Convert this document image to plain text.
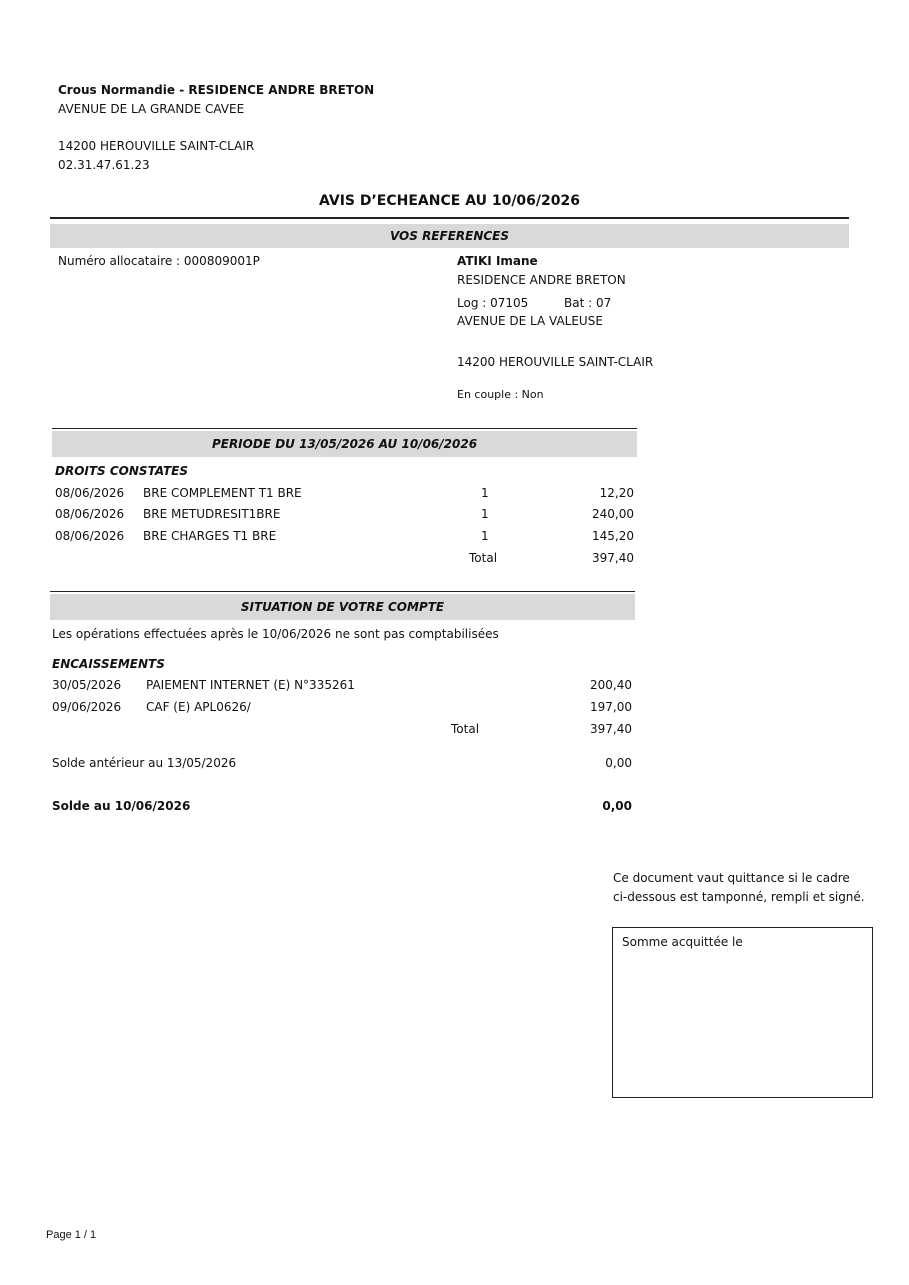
Crous Normandie - RESIDENCE ANDRE BRETON
AVENUE DE LA GRANDE CAVEE
14200 HEROUVILLE SAINT-CLAIR
02.31.47.61.23
AVIS D’ECHEANCE AU 10/06/2026
VOS REFERENCES
Numéro allocataire : 000809001P	ATIKI Imane
RESIDENCE ANDRE BRETON
Log : 07105	Bat : 07
AVENUE DE LA VALEUSE
14200 HEROUVILLE SAINT-CLAIR
En couple : Non
PERIODE DU 13/05/2026 AU 10/06/2026
DROITS CONSTATES
08/06/2026 BRE COMPLEMENT T1 BRE	1	12,20
08/06/2026 BRE METUDRESIT1BRE	1	240,00
08/06/2026 BRE CHARGES T1 BRE	1	145,20
Total	397,40
SITUATION DE VOTRE COMPTE
Les opérations effectuées après le 10/06/2026 ne sont pas comptabilisées
ENCAISSEMENTS
30/05/2026 PAIEMENT INTERNET (E) N°335261	200,40
09/06/2026 CAF (E) APL0626/	197,00
Total	397,40
Solde antérieur au 13/05/2026	0,00
Solde au 10/06/2026	0,00
Ce document vaut quittance si le cadre
ci-dessous est tamponné, rempli et signé.
Somme acquittée le
Page 1 / 1
